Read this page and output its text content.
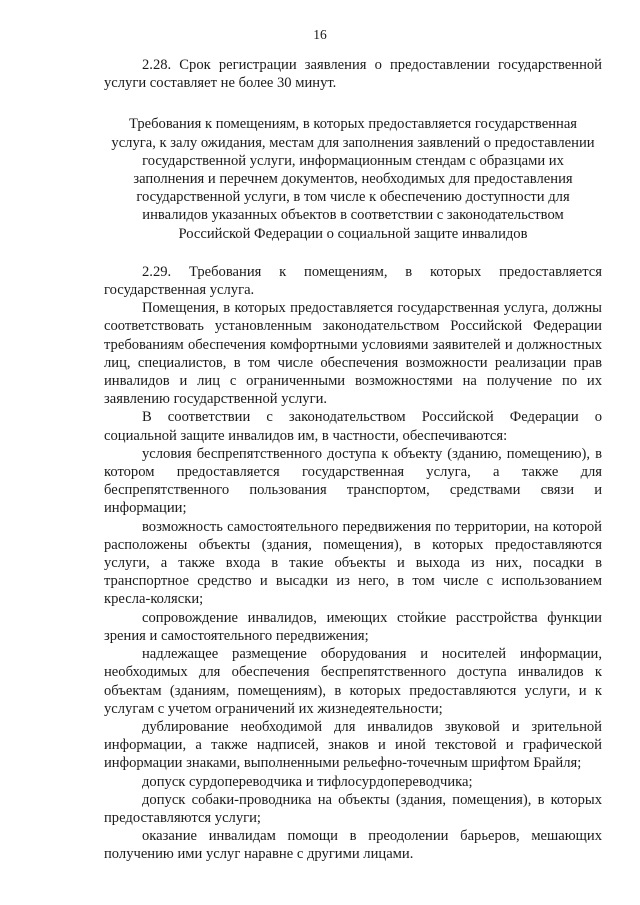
16

2.28. Срок регистрации заявления о предоставлении государственной услуги составляет не более 30 минут.

Требования к помещениям, в которых предоставляется государственная
услуга, к залу ожидания, местам для заполнения заявлений о предоставлении
государственной услуги, информационным стендам с образцами их
заполнения и перечнем документов, необходимых для предоставления
государственной услуги, в том числе к обеспечению доступности для
инвалидов указанных объектов в соответствии с законодательством
Российской Федерации о социальной защите инвалидов

2.29. Требования к помещениям, в которых предоставляется государственная услуга.

Помещения, в которых предоставляется государственная услуга, должны соответствовать установленным законодательством Российской Федерации требованиям обеспечения комфортными условиями заявителей и должностных лиц, специалистов, в том числе обеспечения возможности реализации прав инвалидов и лиц с ограниченными возможностями на получение по их заявлению государственной услуги.

В соответствии с законодательством Российской Федерации о социальной защите инвалидов им, в частности, обеспечиваются:

условия беспрепятственного доступа к объекту (зданию, помещению), в котором предоставляется государственная услуга, а также для беспрепятственного пользования транспортом, средствами связи и информации;

возможность самостоятельного передвижения по территории, на которой расположены объекты (здания, помещения), в которых предоставляются услуги, а также входа в такие объекты и выхода из них, посадки в транспортное средство и высадки из него, в том числе с использованием кресла-коляски;

сопровождение инвалидов, имеющих стойкие расстройства функции зрения и самостоятельного передвижения;

надлежащее размещение оборудования и носителей информации, необходимых для обеспечения беспрепятственного доступа инвалидов к объектам (зданиям, помещениям), в которых предоставляются услуги, и к услугам с учетом ограничений их жизнедеятельности;

дублирование необходимой для инвалидов звуковой и зрительной информации, а также надписей, знаков и иной текстовой и графической информации знаками, выполненными рельефно-точечным шрифтом Брайля;

допуск сурдопереводчика и тифлосурдопереводчика;

допуск собаки-проводника на объекты (здания, помещения), в которых предоставляются услуги;

оказание инвалидам помощи в преодолении барьеров, мешающих получению ими услуг наравне с другими лицами.
